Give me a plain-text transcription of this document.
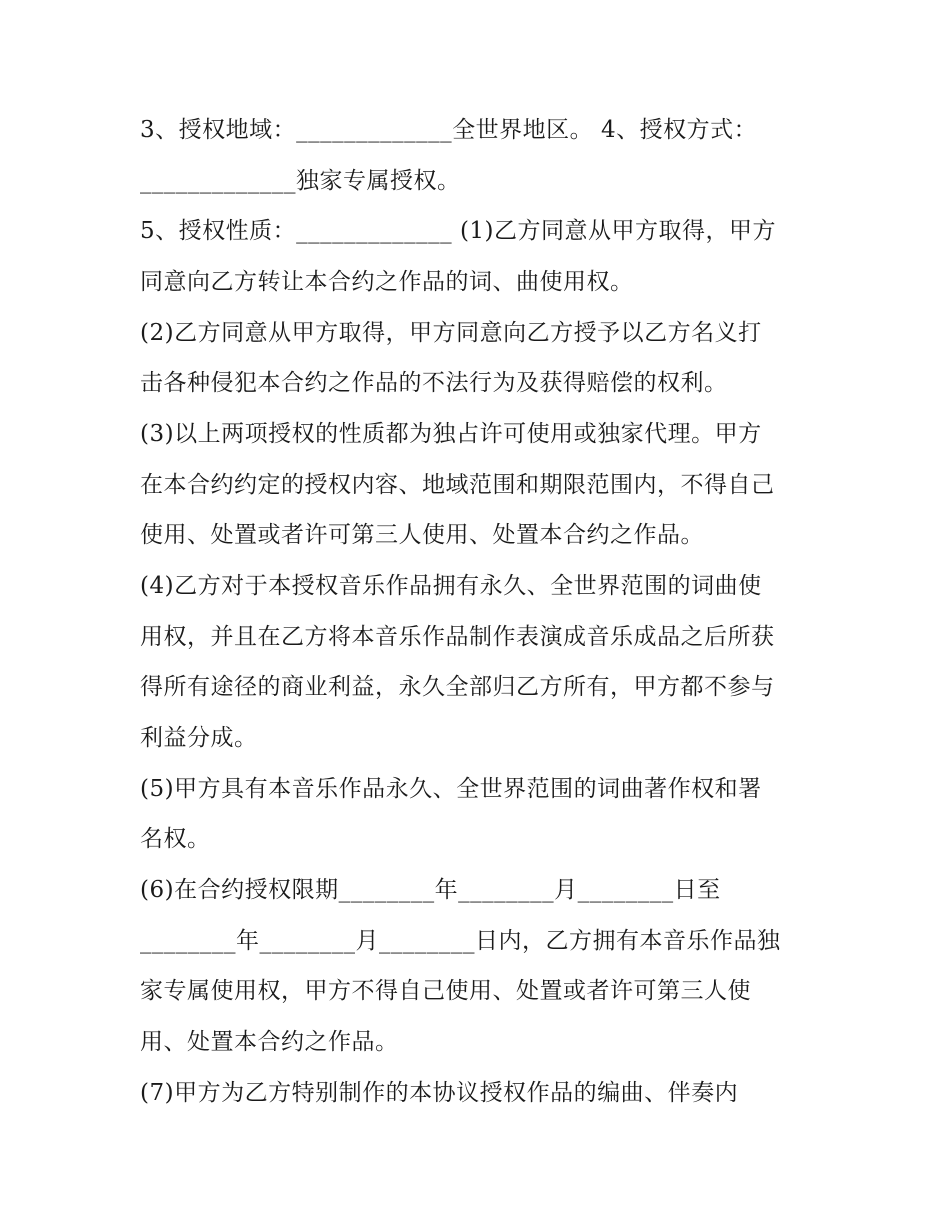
3、授权地域：_____________全世界地区。 4、授权方式：
_____________独家专属授权。
5、授权性质：_____________ (1)乙方同意从甲方取得，甲方
同意向乙方转让本合约之作品的词、曲使用权。
(2)乙方同意从甲方取得，甲方同意向乙方授予以乙方名义打
击各种侵犯本合约之作品的不法行为及获得赔偿的权利。
(3)以上两项授权的性质都为独占许可使用或独家代理。甲方
在本合约约定的授权内容、地域范围和期限范围内，不得自己
使用、处置或者许可第三人使用、处置本合约之作品。
(4)乙方对于本授权音乐作品拥有永久、全世界范围的词曲使
用权，并且在乙方将本音乐作品制作表演成音乐成品之后所获
得所有途径的商业利益，永久全部归乙方所有，甲方都不参与
利益分成。
(5)甲方具有本音乐作品永久、全世界范围的词曲著作权和署
名权。
(6)在合约授权限期________年________月________日至
________年________月________日内，乙方拥有本音乐作品独
家专属使用权，甲方不得自己使用、处置或者许可第三人使
用、处置本合约之作品。
(7)甲方为乙方特别制作的本协议授权作品的编曲、伴奏内
